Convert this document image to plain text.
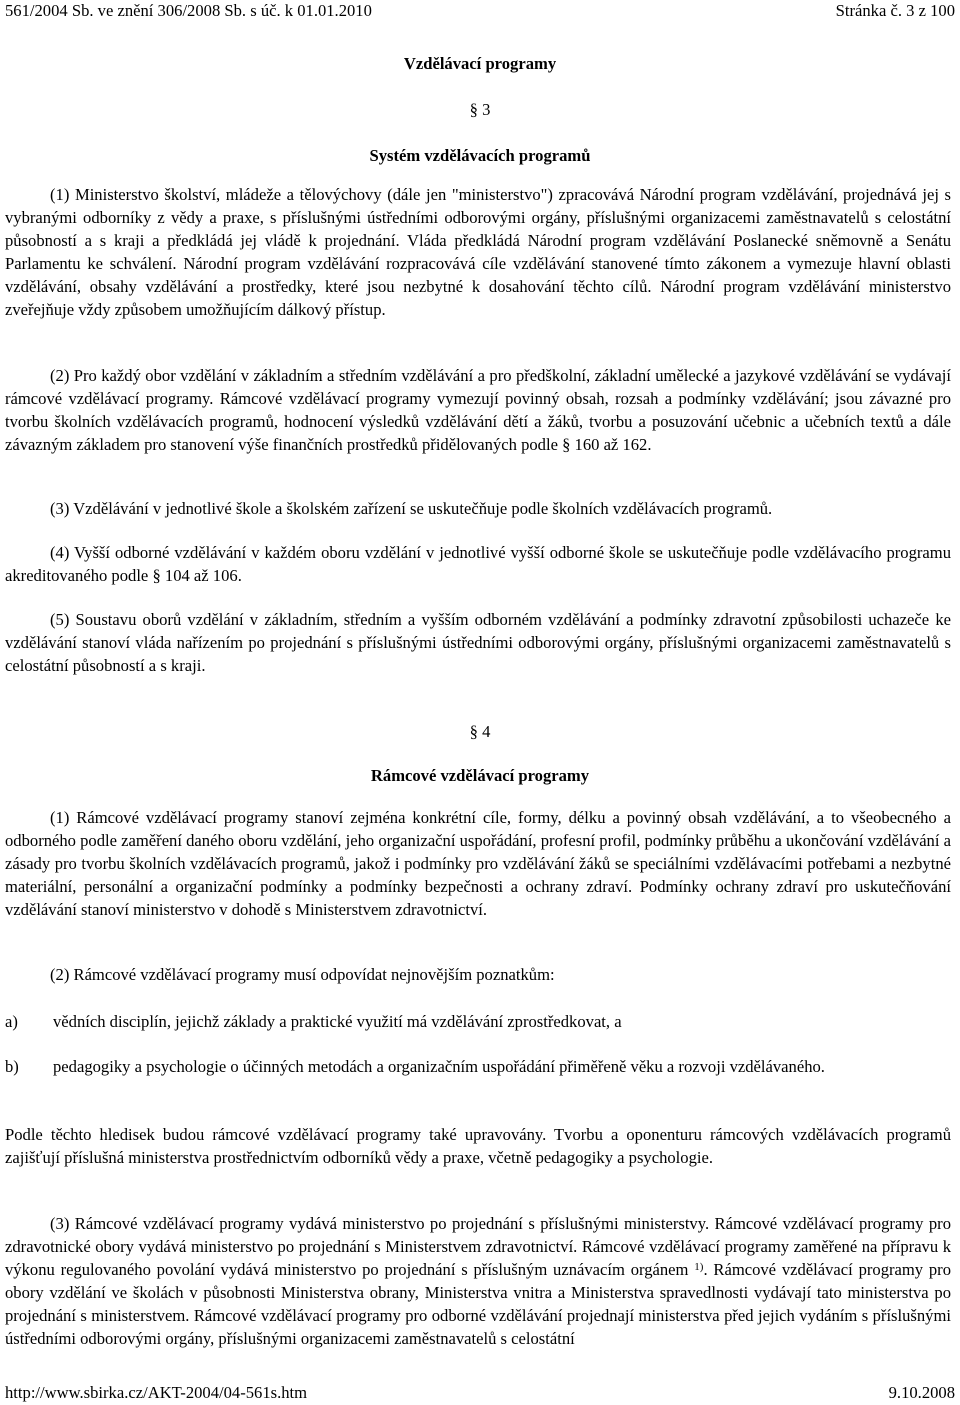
561/2004 Sb. ve znění 306/2008 Sb. s úč. k 01.01.2010	Stránka č. 3 z 100
Vzdělávací programy
§ 3
Systém vzdělávacích programů
(1) Ministerstvo školství, mládeže a tělovýchovy (dále jen "ministerstvo") zpracovává Národní program vzdělávání, projednává jej s vybranými odborníky z vědy a praxe, s příslušnými ústředními odborovými orgány, příslušnými organizacemi zaměstnavatelů s celostátní působností a s kraji a předkládá jej vládě k projednání. Vláda předkládá Národní program vzdělávání Poslanecké sněmovně a Senátu Parlamentu ke schválení. Národní program vzdělávání rozpracovává cíle vzdělávání stanovené tímto zákonem a vymezuje hlavní oblasti vzdělávání, obsahy vzdělávání a prostředky, které jsou nezbytné k dosahování těchto cílů. Národní program vzdělávání ministerstvo zveřejňuje vždy způsobem umožňujícím dálkový přístup.
(2) Pro každý obor vzdělání v základním a středním vzdělávání a pro předškolní, základní umělecké a jazykové vzdělávání se vydávají rámcové vzdělávací programy. Rámcové vzdělávací programy vymezují povinný obsah, rozsah a podmínky vzdělávání; jsou závazné pro tvorbu školních vzdělávacích programů, hodnocení výsledků vzdělávání dětí a žáků, tvorbu a posuzování učebnic a učebních textů a dále závazným základem pro stanovení výše finančních prostředků přidělovaných podle § 160 až 162.
(3) Vzdělávání v jednotlivé škole a školském zařízení se uskutečňuje podle školních vzdělávacích programů.
(4) Vyšší odborné vzdělávání v každém oboru vzdělání v jednotlivé vyšší odborné škole se uskutečňuje podle vzdělávacího programu akreditovaného podle § 104 až 106.
(5) Soustavu oborů vzdělání v základním, středním a vyšším odborném vzdělávání a podmínky zdravotní způsobilosti uchazeče ke vzdělávání stanoví vláda nařízením po projednání s příslušnými ústředními odborovými orgány, příslušnými organizacemi zaměstnavatelů s celostátní působností a s kraji.
§ 4
Rámcové vzdělávací programy
(1) Rámcové vzdělávací programy stanoví zejména konkrétní cíle, formy, délku a povinný obsah vzdělávání, a to všeobecného a odborného podle zaměření daného oboru vzdělání, jeho organizační uspořádání, profesní profil, podmínky průběhu a ukončování vzdělávání a zásady pro tvorbu školních vzdělávacích programů, jakož i podmínky pro vzdělávání žáků se speciálními vzdělávacími potřebami a nezbytné materiální, personální a organizační podmínky a podmínky bezpečnosti a ochrany zdraví. Podmínky ochrany zdraví pro uskutečňování vzdělávání stanoví ministerstvo v dohodě s Ministerstvem zdravotnictví.
(2) Rámcové vzdělávací programy musí odpovídat nejnovějším poznatkům:
a) vědních disciplín, jejichž základy a praktické využití má vzdělávání zprostředkovat, a
b) pedagogiky a psychologie o účinných metodách a organizačním uspořádání přiměřeně věku a rozvoji vzdělávaného.
Podle těchto hledisek budou rámcové vzdělávací programy také upravovány. Tvorbu a oponenturu rámcových vzdělávacích programů zajišťují příslušná ministerstva prostřednictvím odborníků vědy a praxe, včetně pedagogiky a psychologie.
(3) Rámcové vzdělávací programy vydává ministerstvo po projednání s příslušnými ministerstvy. Rámcové vzdělávací programy pro zdravotnické obory vydává ministerstvo po projednání s Ministerstvem zdravotnictví. Rámcové vzdělávací programy zaměřené na přípravu k výkonu regulovaného povolání vydává ministerstvo po projednání s příslušným uznávacím orgánem $^{1)}$. Rámcové vzdělávací programy pro obory vzdělání ve školách v působnosti Ministerstva obrany, Ministerstva vnitra a Ministerstva spravedlnosti vydávají tato ministerstva po projednání s ministerstvem. Rámcové vzdělávací programy pro odborné vzdělávání projednají ministerstva před jejich vydáním s příslušnými ústředními odborovými orgány, příslušnými organizacemi zaměstnavatelů s celostátní
http://www.sbirka.cz/AKT-2004/04-561s.htm	9.10.2008
